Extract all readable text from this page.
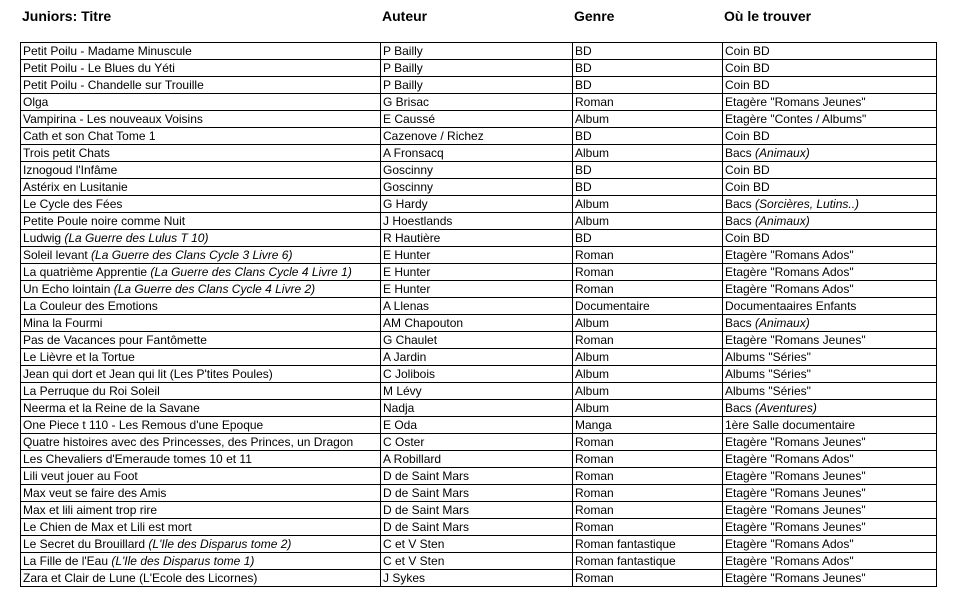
Juniors: Titre	Auteur	Genre	Où le trouver
Petit Poilu - Madame Minuscule	P Bailly	BD	Coin BD
Petit Poilu - Le Blues du Yéti	P Bailly	BD	Coin BD
Petit Poilu - Chandelle sur Trouille	P Bailly	BD	Coin BD
Olga	G Brisac	Roman	Etagère "Romans Jeunes"
Vampirina - Les nouveaux Voisins	E Caussé	Album	Etagère "Contes / Albums"
Cath et son Chat Tome 1	Cazenove / Richez	BD	Coin BD
Trois petit Chats	A Fronsacq	Album	Bacs (Animaux)
Iznogoud l'Infâme	Goscinny	BD	Coin BD
Astérix en Lusitanie	Goscinny	BD	Coin BD
Le Cycle des Fées	G Hardy	Album	Bacs (Sorcières, Lutins..)
Petite Poule noire comme Nuit	J Hoestlands	Album	Bacs (Animaux)
Ludwig (La Guerre des Lulus T 10)	R Hautière	BD	Coin BD
Soleil levant (La Guerre des Clans Cycle 3 Livre 6)	E Hunter	Roman	Etagère "Romans Ados"
La quatrième Apprentie (La Guerre des Clans Cycle 4 Livre 1)	E Hunter	Roman	Etagère "Romans Ados"
Un Echo lointain (La Guerre des Clans Cycle 4 Livre 2)	E Hunter	Roman	Etagère "Romans Ados"
La Couleur des Emotions	A Llenas	Documentaire	Documentaaires Enfants
Mina la Fourmi	AM Chapouton	Album	Bacs (Animaux)
Pas de Vacances pour Fantômette	G Chaulet	Roman	Etagère "Romans Jeunes"
Le Lièvre et la Tortue	A Jardin	Album	Albums "Séries"
Jean qui dort et Jean qui lit (Les P'tites Poules)	C Jolibois	Album	Albums "Séries"
La Perruque du Roi Soleil	M Lévy	Album	Albums "Séries"
Neerma et la Reine de la Savane	Nadja	Album	Bacs (Aventures)
One Piece t 110 - Les Remous d'une Epoque	E Oda	Manga	1ère Salle documentaire
Quatre histoires avec des Princesses, des Princes, un Dragon	C Oster	Roman	Etagère "Romans Jeunes"
Les Chevaliers d'Emeraude tomes 10 et 11	A Robillard	Roman	Etagère "Romans Ados"
Lili veut jouer au Foot	D de Saint Mars	Roman	Etagère "Romans Jeunes"
Max veut se faire des Amis	D de Saint Mars	Roman	Etagère "Romans Jeunes"
Max et lili aiment trop rire	D de Saint Mars	Roman	Etagère "Romans Jeunes"
Le Chien de Max et Lili est mort	D de Saint Mars	Roman	Etagère "Romans Jeunes"
Le Secret du Brouillard (L'Ile des Disparus tome 2)	C et V Sten	Roman fantastique	Etagère "Romans Ados"
La Fille de l'Eau (L'Ile des Disparus tome 1)	C et V Sten	Roman fantastique	Etagère "Romans Ados"
Zara et Clair de Lune (L'Ecole des Licornes)	J Sykes	Roman	Etagère "Romans Jeunes"
